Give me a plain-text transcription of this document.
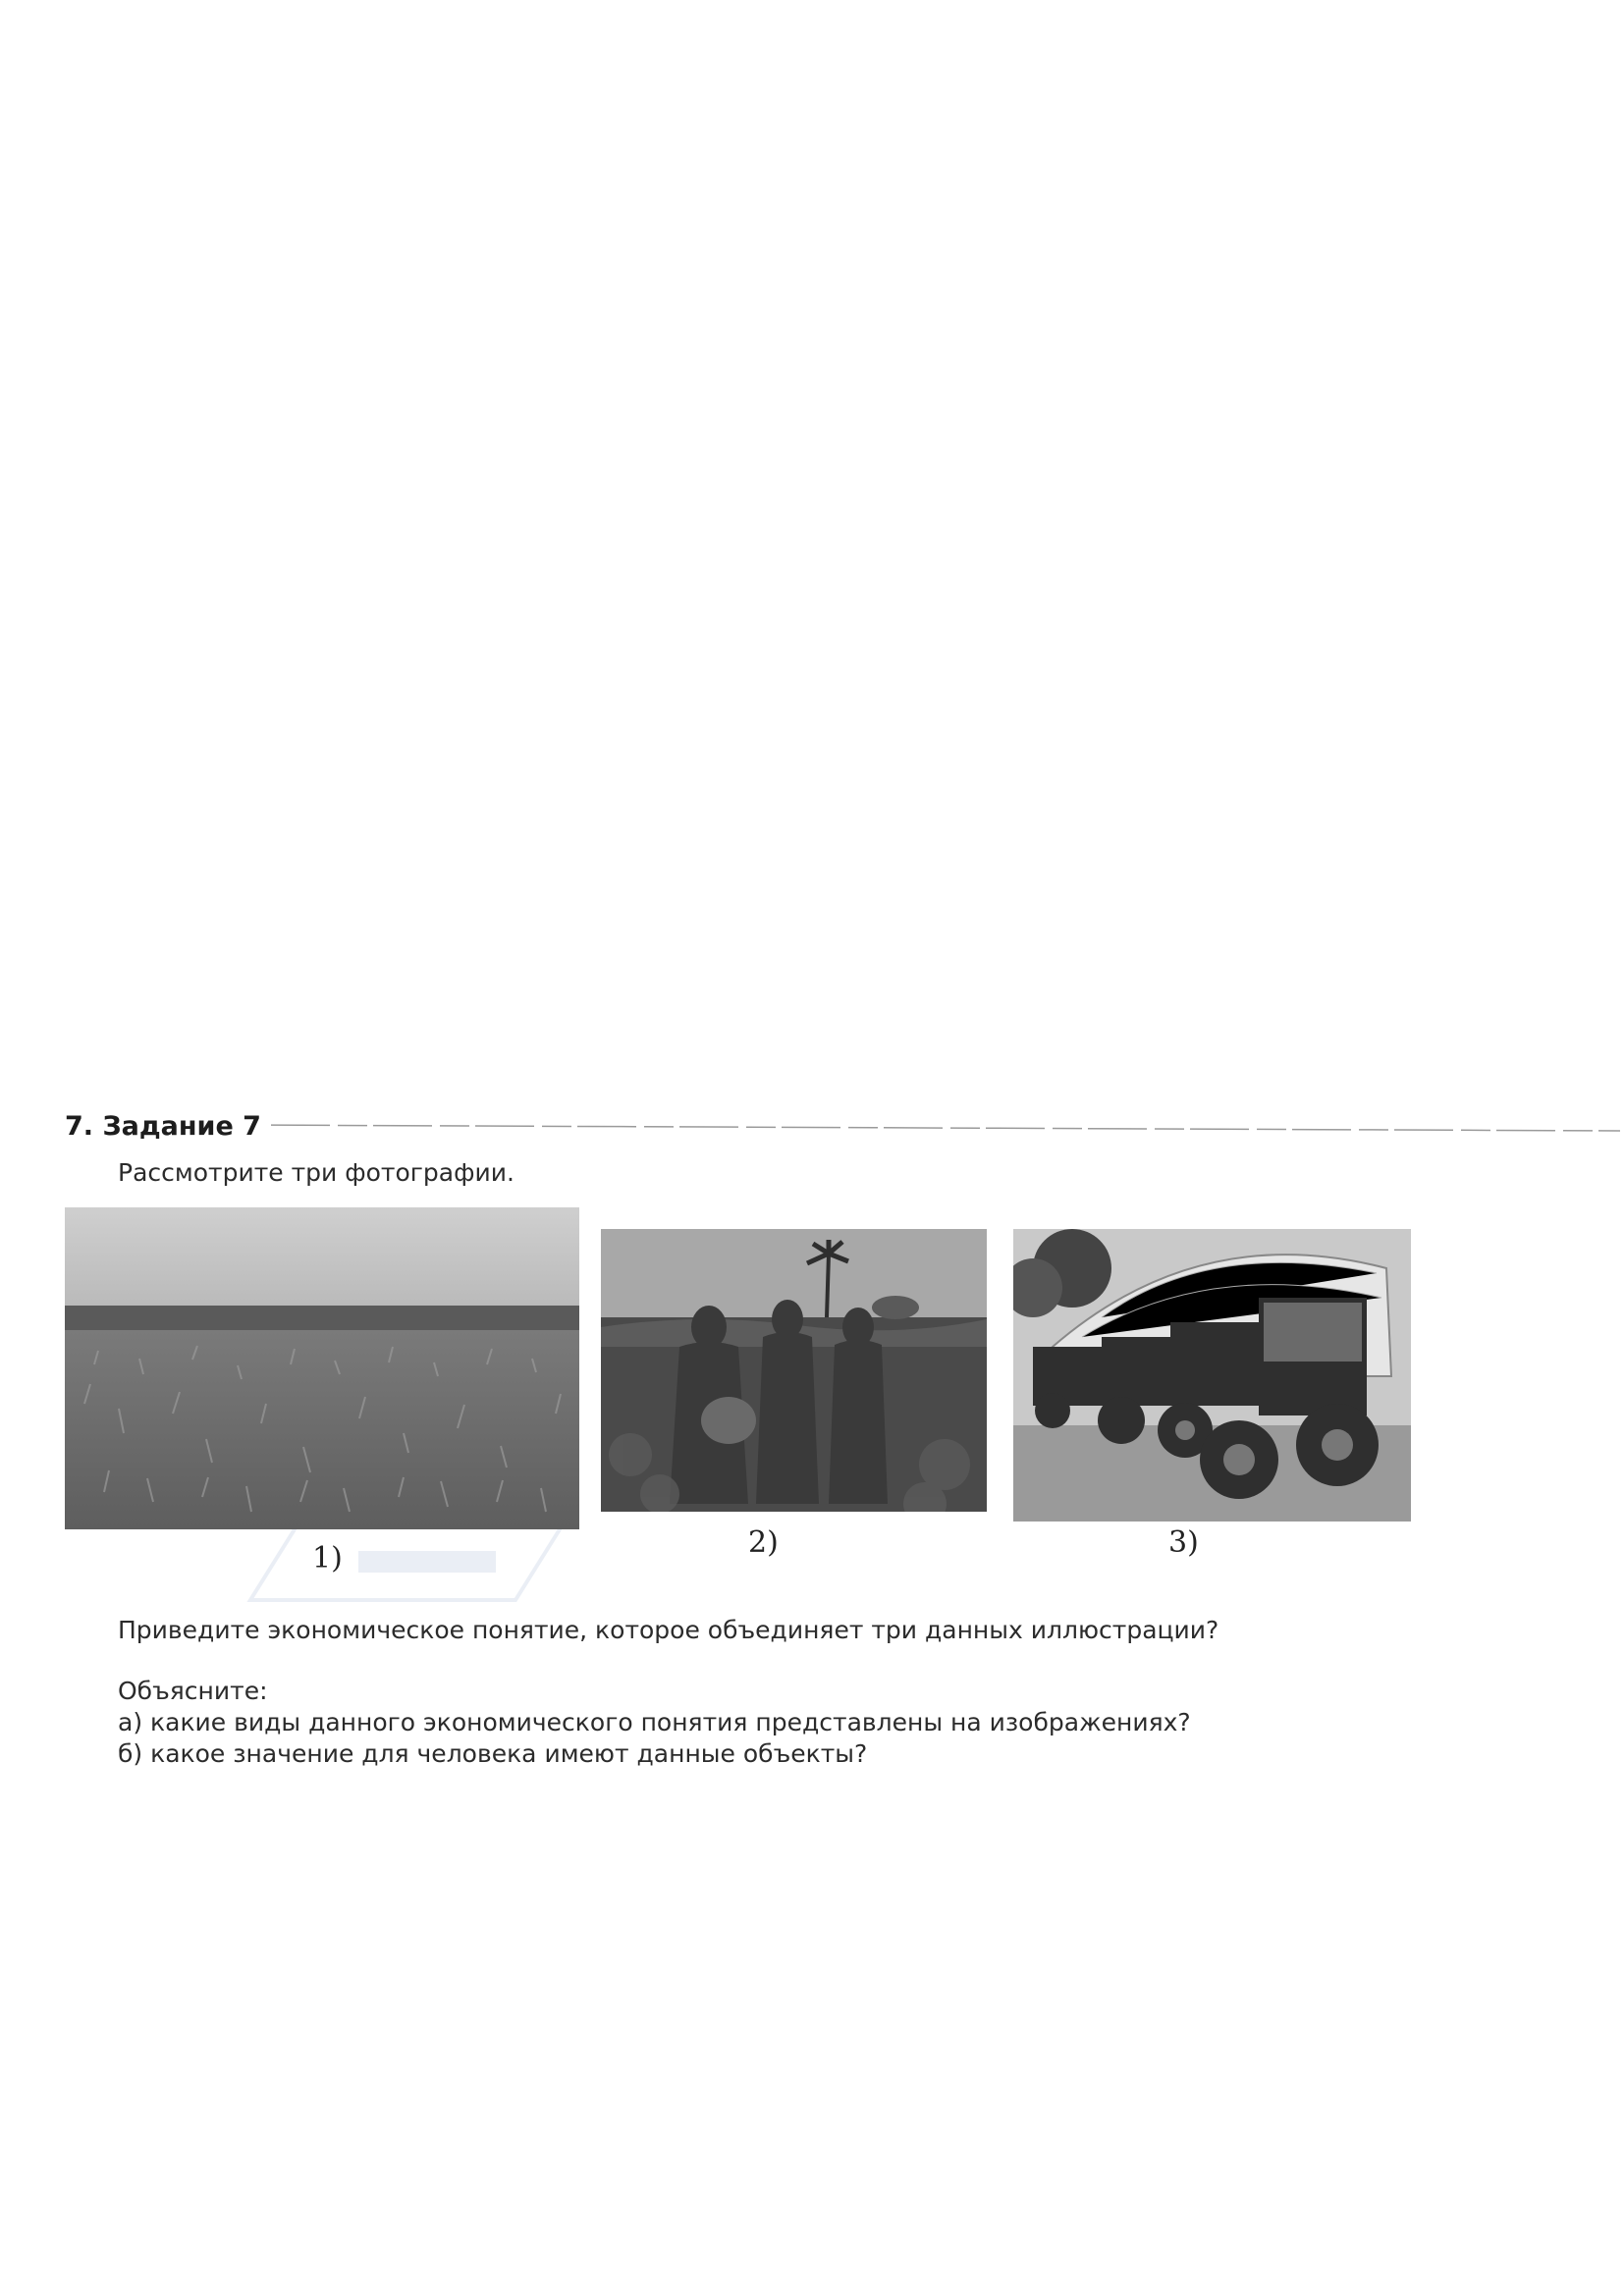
7. Задание 7
Рассмотрите три фотографии.
1)	2)	3)
Приведите экономическое понятие, которое объединяет три данных иллюстрации?
Объясните:
а) какие виды данного экономического понятия представлены на изображениях?
б) какое значение для человека имеют данные объекты?
